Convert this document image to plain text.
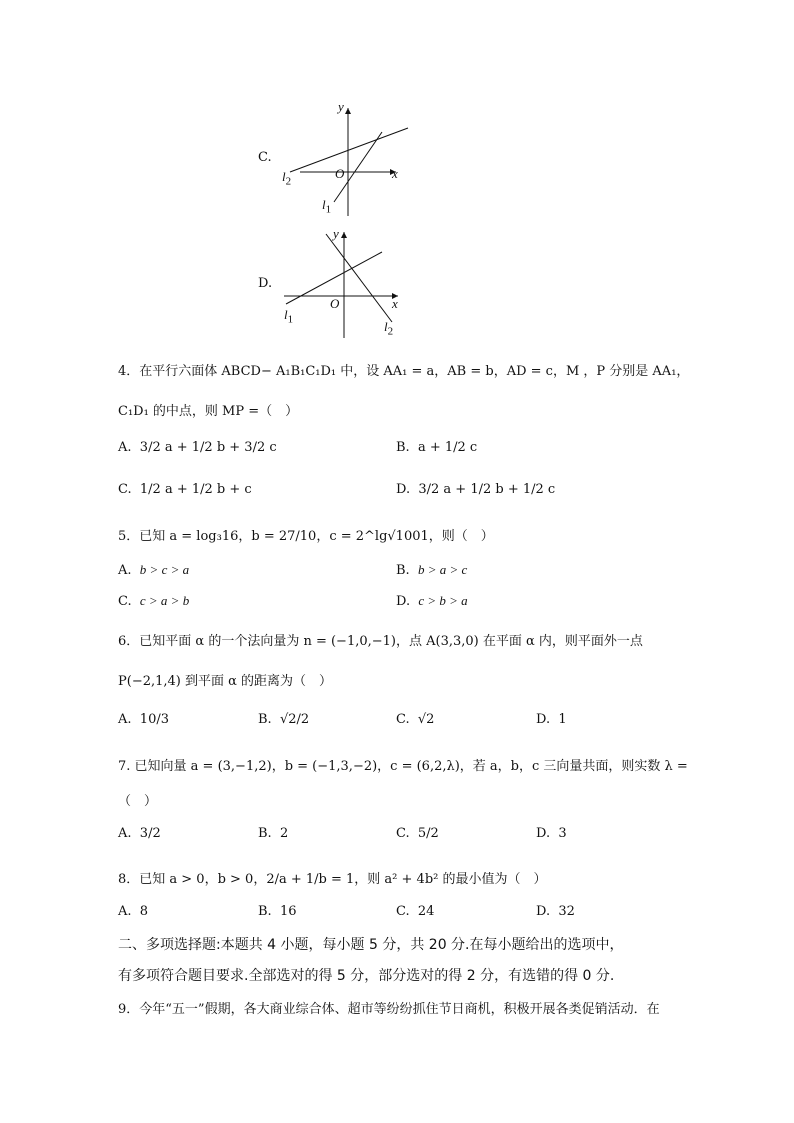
C.
y
x
O
$l_2$
$l_1$
D.
y
x
O
$l_1$	$l_2$
4．在平行六面体 ABCD− A₁B₁C₁D₁ 中，设 AA₁ = a，AB = b，AD = c，M ，P 分别是 AA₁，
C₁D₁ 的中点，则 MP =（　）
A. 3/2 a + 1/2 b + 3/2 c	B. a + 1/2 c
C. 1/2 a + 1/2 b + c	D. 3/2 a + 1/2 b + 1/2 c
5．已知 a = log₃16，b = 27/10，c = 2^lg√1001，则（　）
A. b > c > a	B. b > a > c
C. c > a > b	D. c > b > a
6．已知平面 α 的一个法向量为 n = (−1,0,−1)，点 A(3,3,0) 在平面 α 内，则平面外一点
P(−2,1,4) 到平面 α 的距离为（　）
A. 10/3	B. √2/2	C. √2	D. 1
7. 已知向量 a = (3,−1,2)，b = (−1,3,−2)，c = (6,2,λ)，若 a，b，c 三向量共面，则实数 λ =
（　）
A. 3/2	B. 2	C. 5/2	D. 3
8．已知 a > 0，b > 0，2/a + 1/b = 1，则 a² + 4b² 的最小值为（　）
A. 8	B. 16	C. 24	D. 32
二、多项选择题:本题共 4 小题，每小题 5 分，共 20 分.在每小题给出的选项中，
有多项符合题目要求.全部选对的得 5 分，部分选对的得 2 分，有选错的得 0 分.
9．今年“五一”假期，各大商业综合体、超市等纷纷抓住节日商机，积极开展各类促销活动．在
